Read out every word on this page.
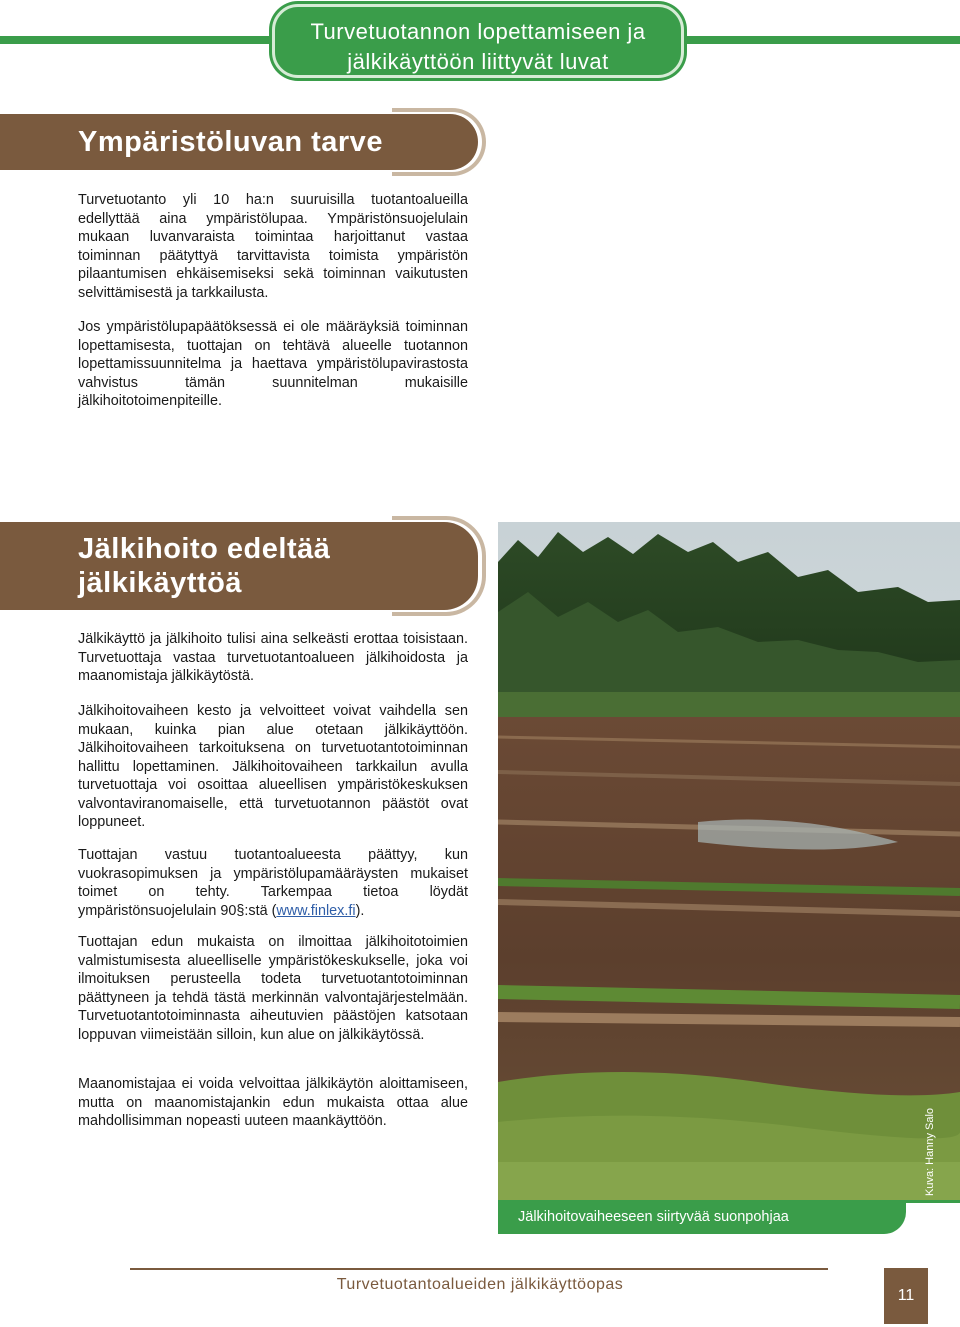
Turvetuotannon lopettamiseen ja
jälkikäyttöön liittyvät luvat
Ympäristöluvan tarve

Turvetuotanto yli 10 ha:n suuruisilla tuotantoalueilla edellyttää aina ympäristölupaa. Ympäristönsuojelulain mukaan luvanvaraista toimintaa harjoittanut vastaa toiminnan päätyttyä tarvittavista toimista ympäristön pilaantumisen ehkäisemiseksi sekä toiminnan vaikutusten selvittämisestä ja tarkkailusta.

Jos ympäristölupapäätöksessä ei ole määräyksiä toiminnan lopettamisesta, tuottajan on tehtävä alueelle tuotannon lopettamissuunnitelma ja haettava ympäristölupavirastosta vahvistus tämän suunnitelman mukaisille jälkihoitotoimenpiteille.

Jälkihoito edeltää
jälkikäyttöä

Jälkikäyttö ja jälkihoito tulisi aina selkeästi erottaa toisistaan. Turvetuottaja vastaa turvetuotantoalueen jälkihoidosta ja maanomistaja jälkikäytöstä.

Jälkihoitovaiheen kesto ja velvoitteet voivat vaihdella sen mukaan, kuinka pian alue otetaan jälkikäyttöön. Jälkihoitovaiheen tarkoituksena on turvetuotantotoiminnan hallittu lopettaminen. Jälkihoitovaiheen tarkkailun avulla turvetuottaja voi osoittaa alueellisen ympäristökeskuksen valvontaviranomaiselle, että turvetuotannon päästöt ovat loppuneet.

Tuottajan vastuu tuotantoalueesta päättyy, kun vuokrasopimuksen ja ympäristölupamääräysten mukaiset toimet on tehty. Tarkempaa tietoa löydät ympäristönsuojelulain 90§:stä (www.finlex.fi).

Tuottajan edun mukaista on ilmoittaa jälkihoitotoimien valmistumisesta alueelliselle ympäristökeskukselle, joka voi ilmoituksen perusteella todeta turvetuotantotoiminnan päättyneen ja tehdä tästä merkinnän valvontajärjestelmään. Turvetuotantotoiminnasta aiheutuvien päästöjen katsotaan loppuvan viimeistään silloin, kun alue on jälkikäytössä.

Maanomistajaa ei voida velvoittaa jälkikäytön aloittamiseen, mutta on maanomistajankin edun mukaista ottaa alue mahdollisimman nopeasti uuteen maankäyttöön.	Kuva: Hanny Salo
Jälkihoitovaiheeseen siirtyvää suonpohjaa
Turvetuotantoalueiden jälkikäyttöopas
11
